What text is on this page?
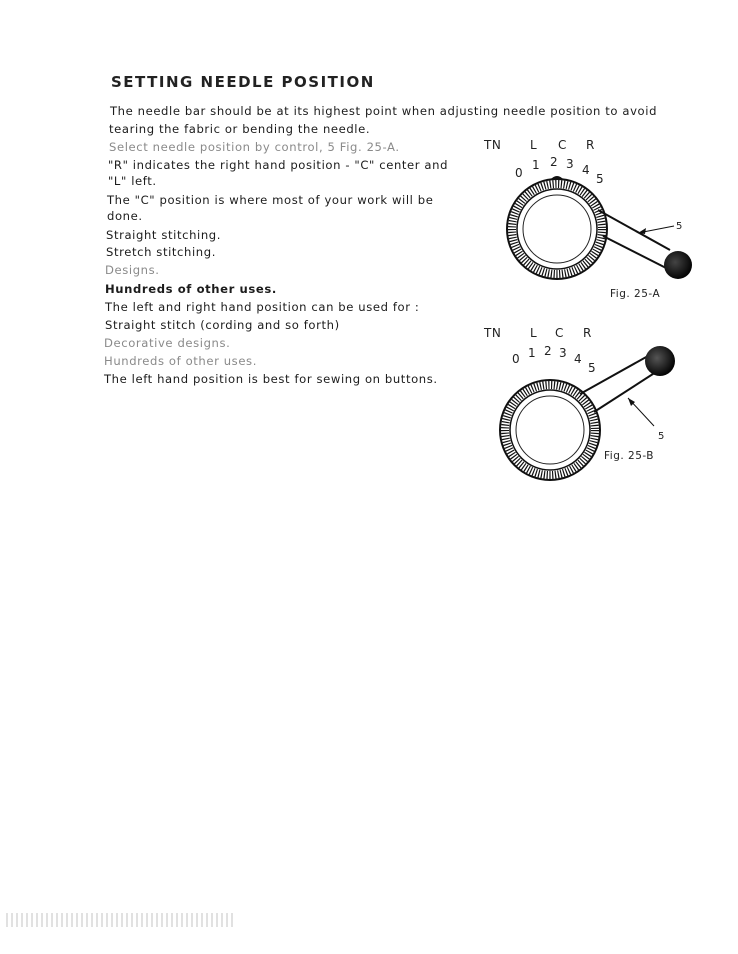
SETTING NEEDLE POSITION
The needle bar should be at its highest point when adjusting needle position to avoid
tearing the fabric or bending the needle.
Select needle position by control, 5 Fig. 25-A.
"R" indicates the right hand position - "C" center and
"L" left.
The "C" position is where most of your work will be
done.
Straight stitching.
Stretch stitching.
Designs.
Hundreds of other uses.
The left and right hand position can be used for :
Straight stitch (cording and so forth)
Decorative designs.
Hundreds of other uses.
The left hand position is best for sewing on buttons.
TN L C R
0
1 2 3 4
5
5
Fig. 25-A
TN L C R
0 1 2 3 4
5
5
Fig. 25-B
